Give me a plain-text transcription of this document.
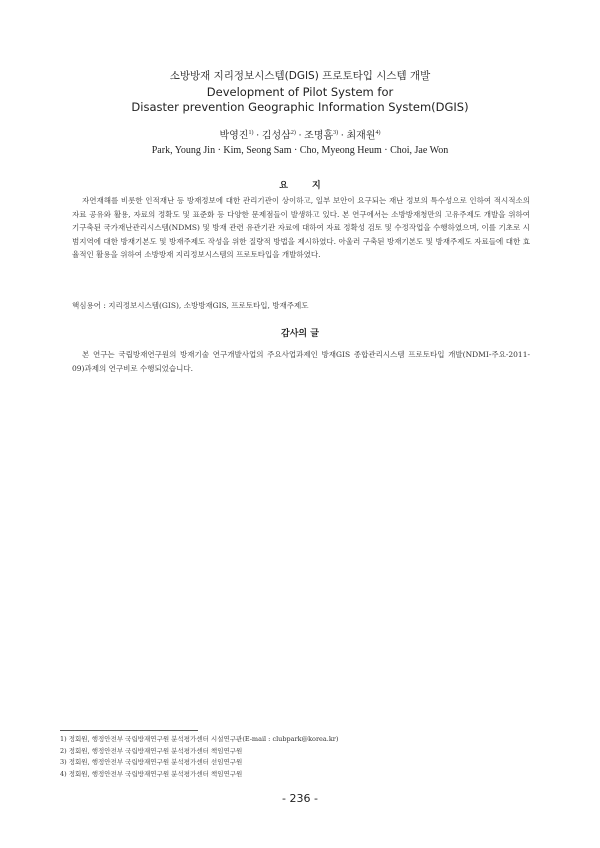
소방방재 지리정보시스템(DGIS) 프로토타입 시스템 개발
Development of Pilot System for
Disaster prevention Geographic Information System(DGIS)
박영진$^{1)}$ · 김성삼$^{2)}$ · 조명흠$^{3)}$ · 최재원$^{4)}$
Park, Young Jin · Kim, Seong Sam · Cho, Myeong Heum · Choi, Jae Won
요지
자연재해를 비롯한 인적재난 등 방재정보에 대한 관리기관이 상이하고, 일부 보안이 요구되는 재난 정보의 특수성으로 인하여 적시적소의 자료 공유와 활용, 자료의 정확도 및 표준화 등 다양한 문제점들이 발생하고 있다. 본 연구에서는 소방방재청만의 고유주제도 개발을 위하여 기구축된 국가재난관리시스템(NDMS) 및 방재 관련 유관기관 자료에 대하여 자료 정확성 검토 및 수정작업을 수행하였으며, 이를 기초로 시범지역에 대한 방재기본도 및 방재주제도 작성을 위한 질량적 방법을 제시하였다. 아울러 구축된 방재기본도 및 방재주제도 자료들에 대한 효율적인 활용을 위하여 소방방재 지리정보시스템의 프로토타입을 개발하였다.
핵심용어 : 지리정보시스템(GIS), 소방방재GIS, 프로토타입, 방재주제도
감사의 글
본 연구는 국립방재연구원의 방재기술 연구개발사업의 주요사업과제인 방재GIS 종합관리시스템 프로토타입 개발(NDMI-주요-2011-09)과제의 연구비로 수행되었습니다.
1) 정회원, 행정안전부 국립방재연구원 분석평가센터 시설연구관(E-mail : clubpark@korea.kr)
2) 정회원, 행정안전부 국립방재연구원 분석평가센터 책임연구원
3) 정회원, 행정안전부 국립방재연구원 분석평가센터 선임연구원
4) 정회원, 행정안전부 국립방재연구원 분석평가센터 책임연구원
- 236 -
